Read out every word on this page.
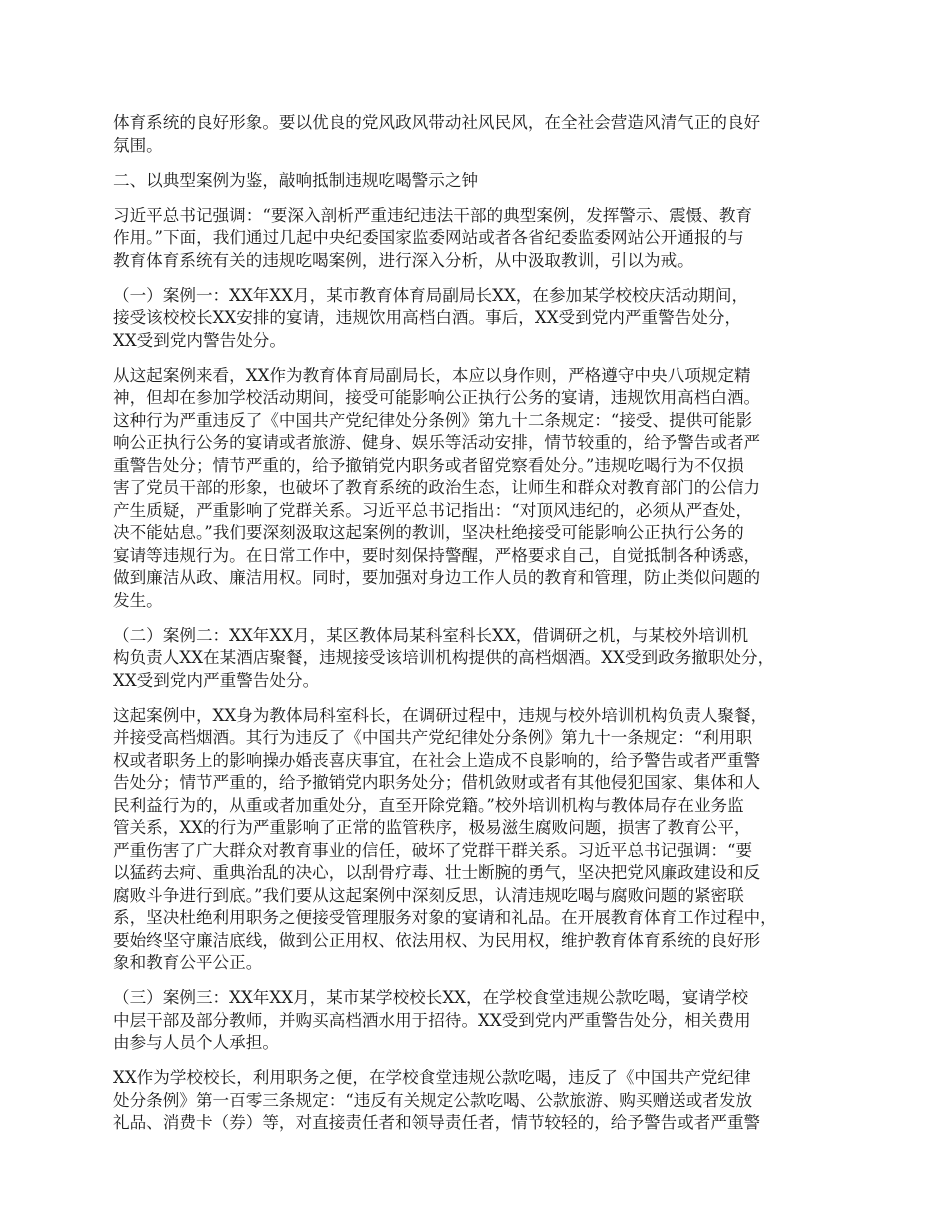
体育系统的良好形象。要以优良的党风政风带动社风民风，在全社会营造风清气正的良好
氛围。

二、以典型案例为鉴，敲响抵制违规吃喝警示之钟

习近平总书记强调：“要深入剖析严重违纪违法干部的典型案例，发挥警示、震慑、教育
作用。”下面，我们通过几起中央纪委国家监委网站或者各省纪委监委网站公开通报的与
教育体育系统有关的违规吃喝案例，进行深入分析，从中汲取教训，引以为戒。

（一）案例一：XX年XX月，某市教育体育局副局长XX，在参加某学校校庆活动期间，
接受该校校长XX安排的宴请，违规饮用高档白酒。事后，XX受到党内严重警告处分，
XX受到党内警告处分。

从这起案例来看，XX作为教育体育局副局长，本应以身作则，严格遵守中央八项规定精
神，但却在参加学校活动期间，接受可能影响公正执行公务的宴请，违规饮用高档白酒。
这种行为严重违反了《中国共产党纪律处分条例》第九十二条规定：“接受、提供可能影
响公正执行公务的宴请或者旅游、健身、娱乐等活动安排，情节较重的，给予警告或者严
重警告处分；情节严重的，给予撤销党内职务或者留党察看处分。”违规吃喝行为不仅损
害了党员干部的形象，也破坏了教育系统的政治生态，让师生和群众对教育部门的公信力
产生质疑，严重影响了党群关系。习近平总书记指出：“对顶风违纪的，必须从严查处，
决不能姑息。”我们要深刻汲取这起案例的教训，坚决杜绝接受可能影响公正执行公务的
宴请等违规行为。在日常工作中，要时刻保持警醒，严格要求自己，自觉抵制各种诱惑，
做到廉洁从政、廉洁用权。同时，要加强对身边工作人员的教育和管理，防止类似问题的
发生。

（二）案例二：XX年XX月，某区教体局某科室科长XX，借调研之机，与某校外培训机
构负责人XX在某酒店聚餐，违规接受该培训机构提供的高档烟酒。XX受到政务撤职处分，
XX受到党内严重警告处分。

这起案例中，XX身为教体局科室科长，在调研过程中，违规与校外培训机构负责人聚餐，
并接受高档烟酒。其行为违反了《中国共产党纪律处分条例》第九十一条规定：“利用职
权或者职务上的影响操办婚丧喜庆事宜，在社会上造成不良影响的，给予警告或者严重警
告处分；情节严重的，给予撤销党内职务处分；借机敛财或者有其他侵犯国家、集体和人
民利益行为的，从重或者加重处分，直至开除党籍。”校外培训机构与教体局存在业务监
管关系，XX的行为严重影响了正常的监管秩序，极易滋生腐败问题，损害了教育公平，
严重伤害了广大群众对教育事业的信任，破坏了党群干群关系。习近平总书记强调：“要
以猛药去疴、重典治乱的决心，以刮骨疗毒、壮士断腕的勇气，坚决把党风廉政建设和反
腐败斗争进行到底。”我们要从这起案例中深刻反思，认清违规吃喝与腐败问题的紧密联
系，坚决杜绝利用职务之便接受管理服务对象的宴请和礼品。在开展教育体育工作过程中，
要始终坚守廉洁底线，做到公正用权、依法用权、为民用权，维护教育体育系统的良好形
象和教育公平公正。

（三）案例三：XX年XX月，某市某学校校长XX，在学校食堂违规公款吃喝，宴请学校
中层干部及部分教师，并购买高档酒水用于招待。XX受到党内严重警告处分，相关费用
由参与人员个人承担。

XX作为学校校长，利用职务之便，在学校食堂违规公款吃喝，违反了《中国共产党纪律
处分条例》第一百零三条规定：“违反有关规定公款吃喝、公款旅游、购买赠送或者发放
礼品、消费卡（券）等，对直接责任者和领导责任者，情节较轻的，给予警告或者严重警
